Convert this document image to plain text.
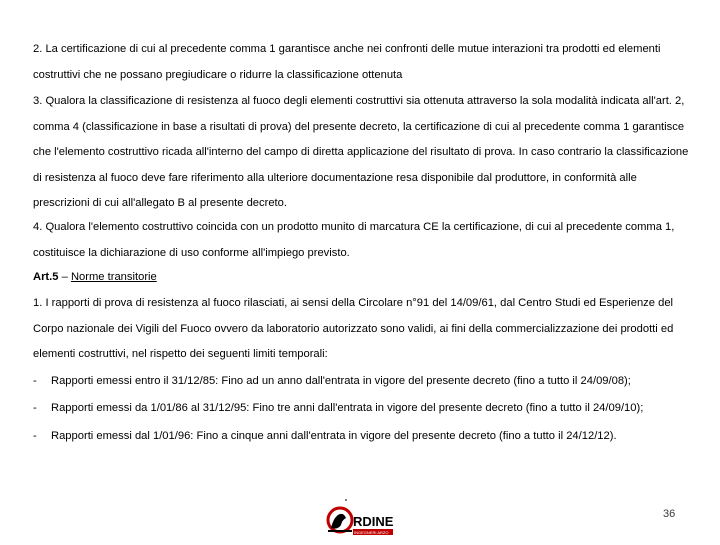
2. La certificazione di cui al precedente comma 1 garantisce anche nei confronti delle mutue interazioni tra prodotti ed elementi costruttivi che ne possano pregiudicare o ridurre la classificazione ottenuta

3. Qualora la classificazione di resistenza al fuoco degli elementi costruttivi sia ottenuta attraverso la sola modalità indicata all'art. 2, comma 4 (classificazione in base a risultati di prova) del presente decreto, la certificazione di cui al precedente comma 1 garantisce che l'elemento costruttivo ricada all'interno del campo di diretta applicazione del risultato di prova. In caso contrario la classificazione di resistenza al fuoco deve fare riferimento alla ulteriore documentazione resa disponibile dal produttore, in conformità alle prescrizioni di cui all'allegato B al presente decreto.

4. Qualora l'elemento costruttivo coincida con un prodotto munito di marcatura CE la certificazione, di cui al precedente comma 1, costituisce la dichiarazione di uso conforme all'impiego previsto.

Art.5 – Norme transitorie

1. I rapporti di prova di resistenza al fuoco rilasciati, ai sensi della Circolare n°91 del 14/09/61, dal Centro Studi ed Esperienze del Corpo nazionale dei Vigili del Fuoco ovvero da laboratorio autorizzato sono validi, ai fini della commercializzazione dei prodotti ed elementi costruttivi, nel rispetto dei seguenti limiti temporali:

- Rapporti emessi entro il 31/12/85: Fino ad un anno dall'entrata in vigore del presente decreto (fino a tutto il 24/09/08);
- Rapporti emessi da 1/01/86 al 31/12/95: Fino tre anni dall'entrata in vigore del presente decreto (fino a tutto il 24/09/10);
- Rapporti emessi dal 1/01/96: Fino a cinque anni dall'entrata in vigore del presente decreto (fino a tutto il 24/12/12).
RDINE
INGEGNERI ARZO
36
